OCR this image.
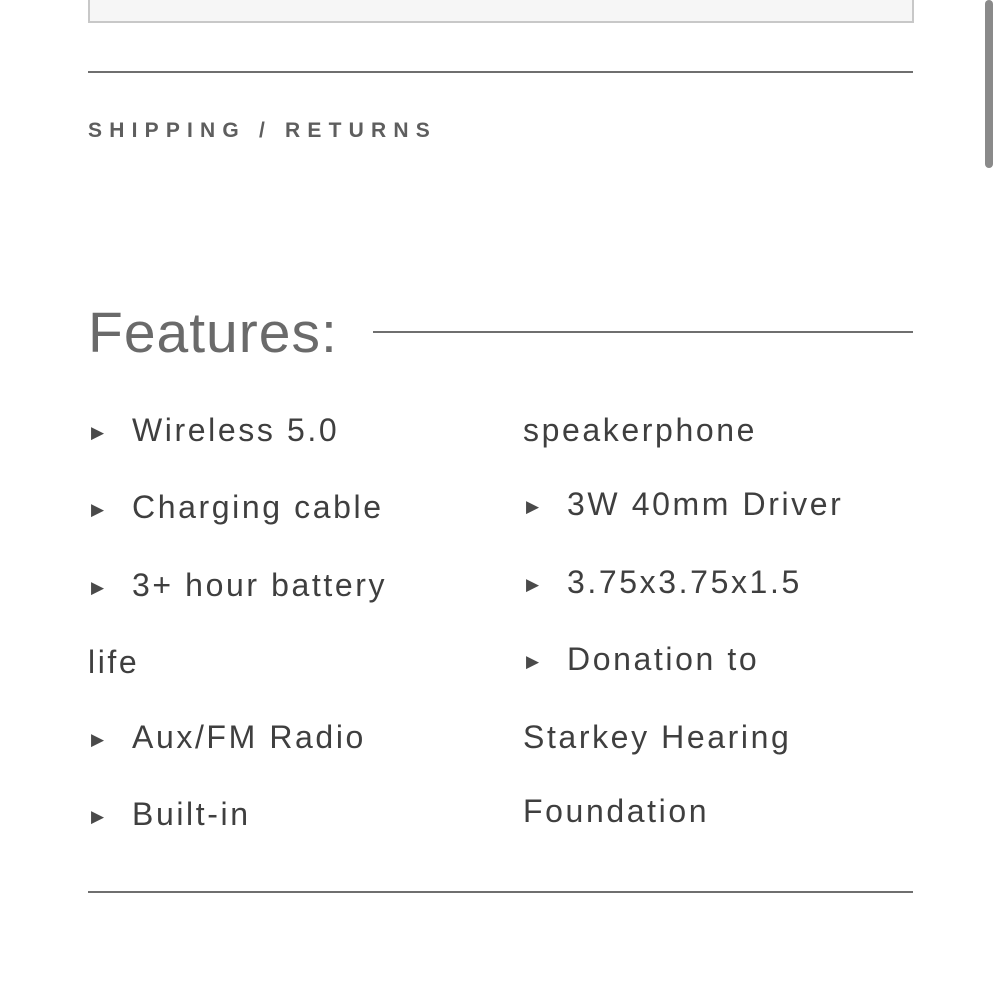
SHIPPING / RETURNS
Features:
▶ Wireless 5.0
▶ Charging cable
▶ 3+ hour battery
life
▶ Aux/FM Radio
▶ Built-in
speakerphone
▶ 3W 40mm Driver
▶ 3.75x3.75x1.5
▶ Donation to
Starkey Hearing
Foundation
